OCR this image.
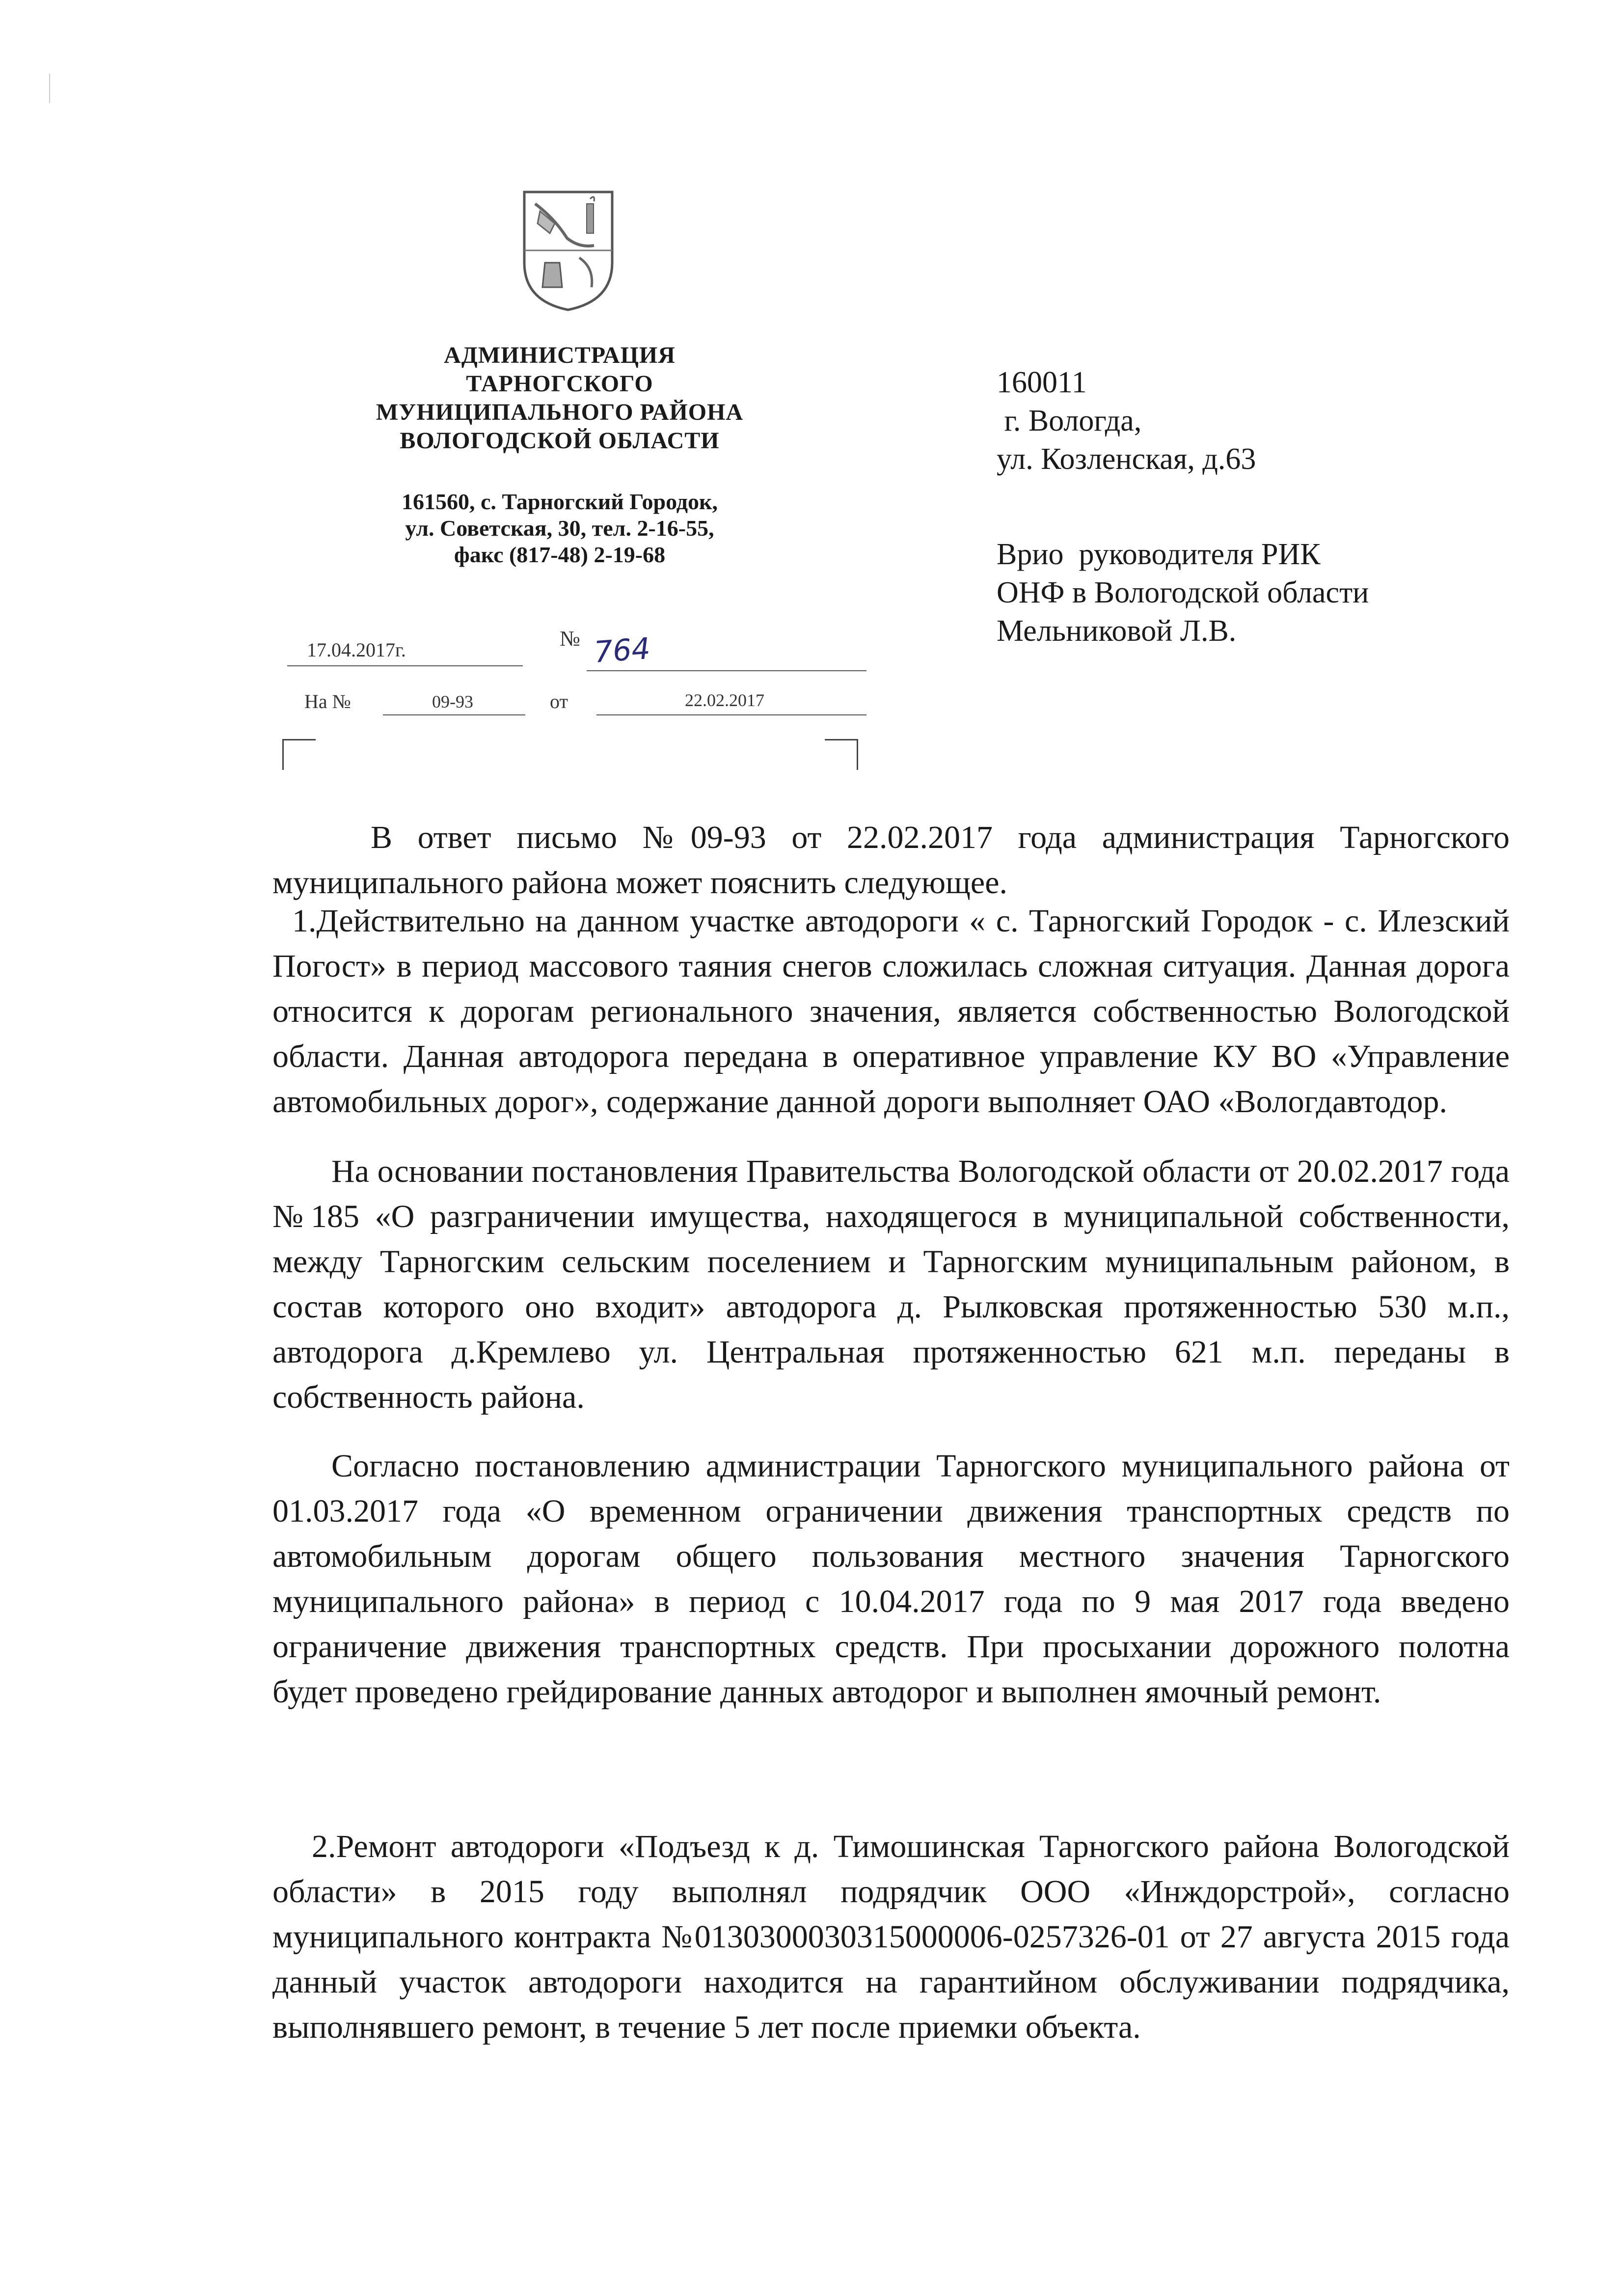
АДМИНИСТРАЦИЯ
ТАРНОГСКОГО
МУНИЦИПАЛЬНОГО РАЙОНА
ВОЛОГОДСКОЙ ОБЛАСТИ
161560, с. Тарногский Городок,
ул. Советская, 30, тел. 2-16-55,
факс (817-48) 2-19-68
17.04.2017г.	№ 764
На №	09-93	от	22.02.2017
160011
г. Вологда,
ул. Козленская, д.63
Врио  руководителя РИК
ОНФ в Вологодской области
Мельниковой Л.В.

В ответ письмо №09-93 от 22.02.2017 года администрация Тарногского муниципального района может пояснить следующее.

1.Действительно на данном участке автодороги « с. Тарногский Городок - с. Илезский Погост» в период массового таяния снегов сложилась сложная ситуация. Данная дорога относится к дорогам регионального значения, является собственностью Вологодской области. Данная автодорога передана в оперативное управление КУ ВО «Управление автомобильных дорог», содержание данной дороги выполняет ОАО «Вологдавтодор.

На основании постановления Правительства Вологодской области от 20.02.2017 года №185 «О разграничении имущества, находящегося в муниципальной собственности, между Тарногским сельским поселением и Тарногским муниципальным районом, в состав которого оно входит» автодорога д. Рылковская протяженностью 530 м.п., автодорога д.Кремлево ул. Центральная протяженностью 621 м.п. переданы в собственность района.

Согласно постановлению администрации Тарногского муниципального района от 01.03.2017 года «О временном ограничении движения транспортных средств по автомобильным дорогам общего пользования местного значения Тарногского муниципального района» в период с 10.04.2017 года по 9 мая 2017 года введено ограничение движения транспортных средств. При просыхании дорожного полотна будет проведено грейдирование данных автодорог и выполнен ямочный ремонт.

2.Ремонт автодороги «Подъезд к д. Тимошинская Тарногского района Вологодской области» в 2015 году выполнял подрядчик ООО «Инждорстрой», согласно муниципального контракта №0130300030315000006-0257326-01 от 27 августа 2015 года данный участок автодороги находится на гарантийном обслуживании подрядчика, выполнявшего ремонт, в течение 5 лет после приемки объекта.
